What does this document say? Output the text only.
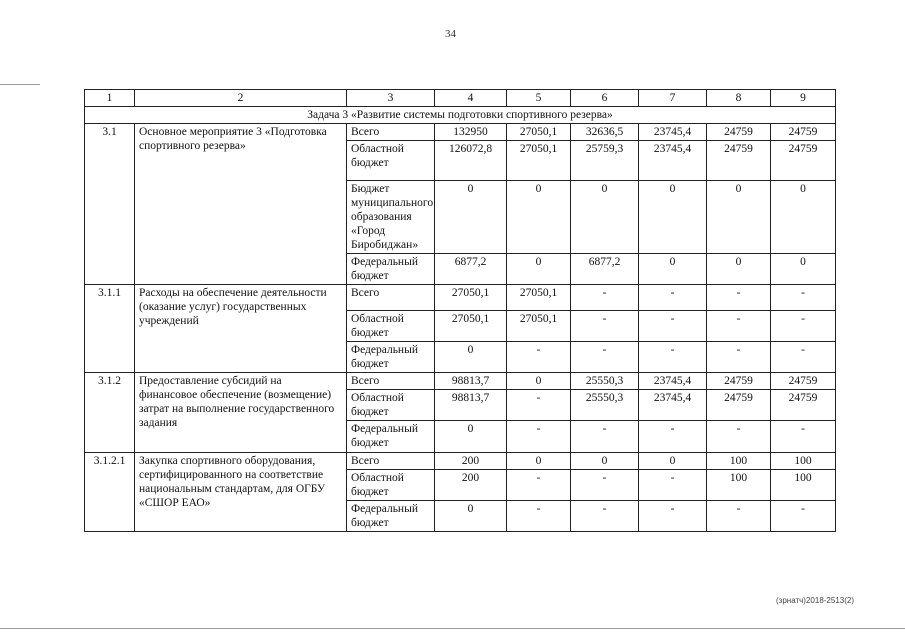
34
1	2	3	4	5	6	7	8	9
Задача 3 «Развитие системы подготовки спортивного резерва»								
3.1	Основное мероприятие 3 «Подготовка спортивного резерва»	Всего	132950	27050,1	32636,5	23745,4	24759	24759
		Областной бюджет	126072,8	27050,1	25759,3	23745,4	24759	24759
		Бюджет муниципального образования «Город Биробиджан»	0	0	0	0	0	0
		Федеральный бюджет	6877,2	0	6877,2	0	0	0
3.1.1	Расходы на обеспечение деятельности (оказание услуг) государственных учреждений	Всего	27050,1	27050,1	-	-	-	-
		Областной бюджет	27050,1	27050,1	-	-	-	-
		Федеральный бюджет	0	-	-	-	-	-
3.1.2	Предоставление субсидий на финансовое обеспечение (возмещение) затрат на выполнение государственного задания	Всего	98813,7	0	25550,3	23745,4	24759	24759
		Областной бюджет	98813,7	-	25550,3	23745,4	24759	24759
		Федеральный бюджет	0	-	-	-	-	-
3.1.2.1	Закупка спортивного оборудования, сертифицированного на соответствие национальным стандартам, для ОГБУ «СШОР ЕАО»	Всего	200	0	0	0	100	100
		Областной бюджет	200	-	-	-	100	100
		Федеральный бюджет	0	-	-	-	-	-
(зрнатч)2018-2513(2)
